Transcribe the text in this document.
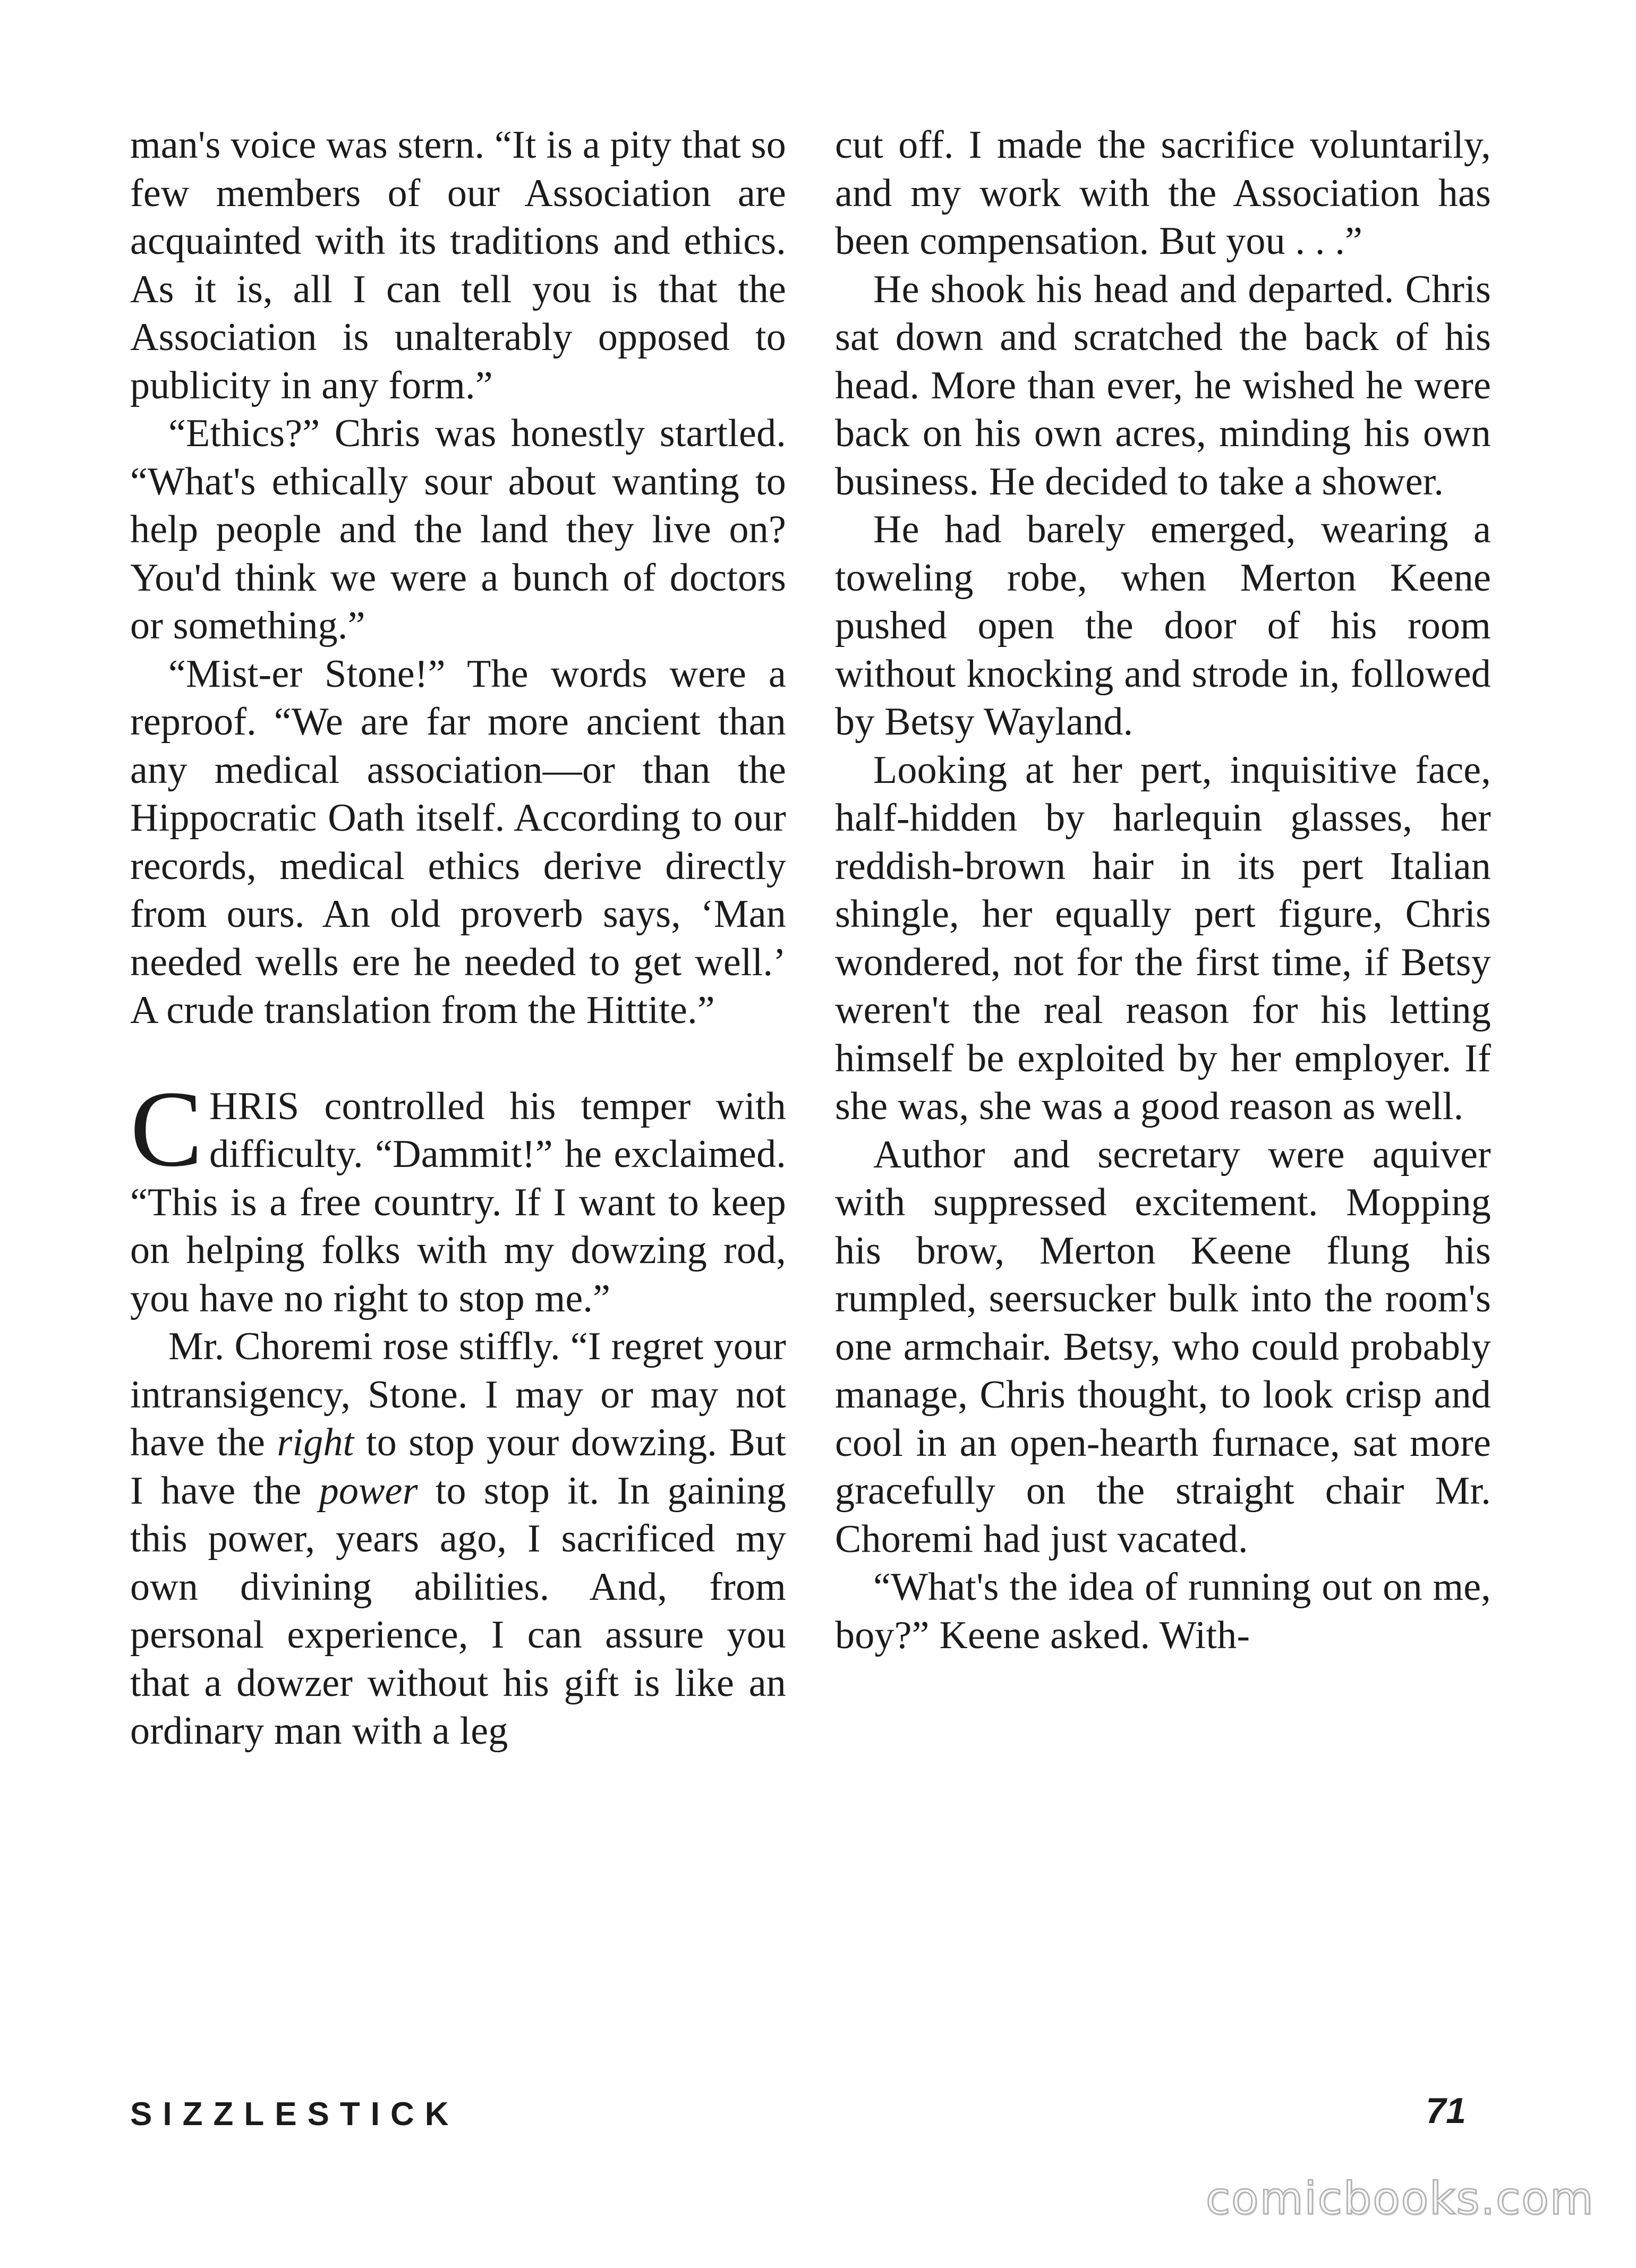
man's voice was stern. “It is a pity that so few members of our Association are acquainted with its traditions and ethics. As it is, all I can tell you is that the Association is unalterably opposed to publicity in any form.”

“Ethics?” Chris was honestly startled. “What's ethically sour about wanting to help people and the land they live on? You'd think we were a bunch of doctors or something.”

“Mist-er Stone!” The words were a reproof. “We are far more ancient than any medical association—or than the Hippocratic Oath itself. According to our records, medical ethics derive directly from ours. An old proverb says, ‘Man needed wells ere he needed to get well.’ A crude translation from the Hittite.”

CHRIS controlled his temper with difficulty. “Dammit!” he exclaimed. “This is a free country. If I want to keep on helping folks with my dowzing rod, you have no right to stop me.”

Mr. Choremi rose stiffly. “I regret your intransigency, Stone. I may or may not have the right to stop your dowzing. But I have the power to stop it. In gaining this power, years ago, I sacrificed my own divining abilities. And, from personal experience, I can assure you that a dowzer without his gift is like an ordinary man with a leg

cut off. I made the sacrifice voluntarily, and my work with the Association has been compensation. But you . . .”

He shook his head and departed. Chris sat down and scratched the back of his head. More than ever, he wished he were back on his own acres, minding his own business. He decided to take a shower.

He had barely emerged, wearing a toweling robe, when Merton Keene pushed open the door of his room without knocking and strode in, followed by Betsy Wayland.

Looking at her pert, inquisitive face, half-hidden by harlequin glasses, her reddish-brown hair in its pert Italian shingle, her equally pert figure, Chris wondered, not for the first time, if Betsy weren't the real reason for his letting himself be exploited by her employer. If she was, she was a good reason as well.

Author and secretary were aquiver with suppressed excitement. Mopping his brow, Merton Keene flung his rumpled, seersucker bulk into the room's one armchair. Betsy, who could probably manage, Chris thought, to look crisp and cool in an open-hearth furnace, sat more gracefully on the straight chair Mr. Choremi had just vacated.

“What's the idea of running out on me, boy?” Keene asked. With-

SIZZLESTICK	71
comicbooks.com
